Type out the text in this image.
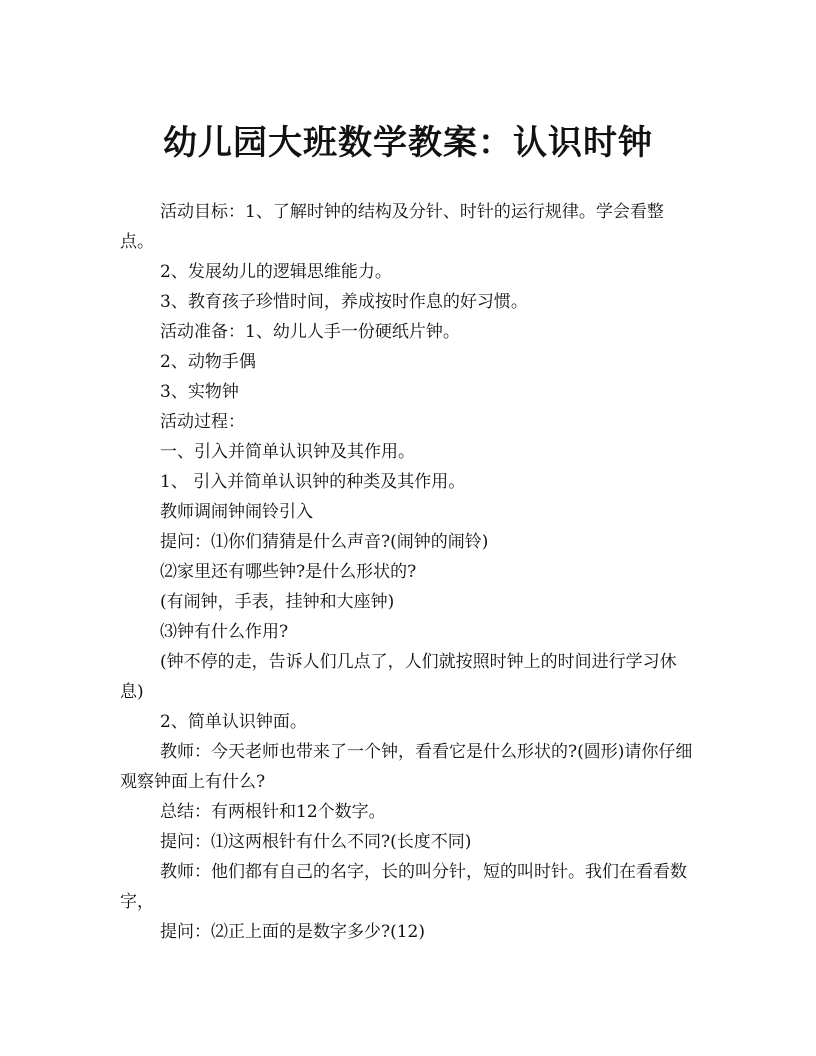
幼儿园大班数学教案：认识时钟

活动目标：1、了解时钟的结构及分针、时针的运行规律。学会看整点。

2、发展幼儿的逻辑思维能力。

3、教育孩子珍惜时间，养成按时作息的好习惯。

活动准备：1、幼儿人手一份硬纸片钟。

2、动物手偶

3、实物钟

活动过程：

一、引入并简单认识钟及其作用。

1、 引入并简单认识钟的种类及其作用。

教师调闹钟闹铃引入

提问：⑴你们猜猜是什么声音?(闹钟的闹铃)

⑵家里还有哪些钟?是什么形状的?

(有闹钟，手表，挂钟和大座钟)

⑶钟有什么作用?

(钟不停的走，告诉人们几点了，人们就按照时钟上的时间进行学习休息)

2、简单认识钟面。

教师：今天老师也带来了一个钟，看看它是什么形状的?(圆形)请你仔细观察钟面上有什么?

总结：有两根针和12个数字。

提问：⑴这两根针有什么不同?(长度不同)

教师：他们都有自己的名字，长的叫分针，短的叫时针。我们在看看数字，

提问：⑵正上面的是数字多少?(12)
